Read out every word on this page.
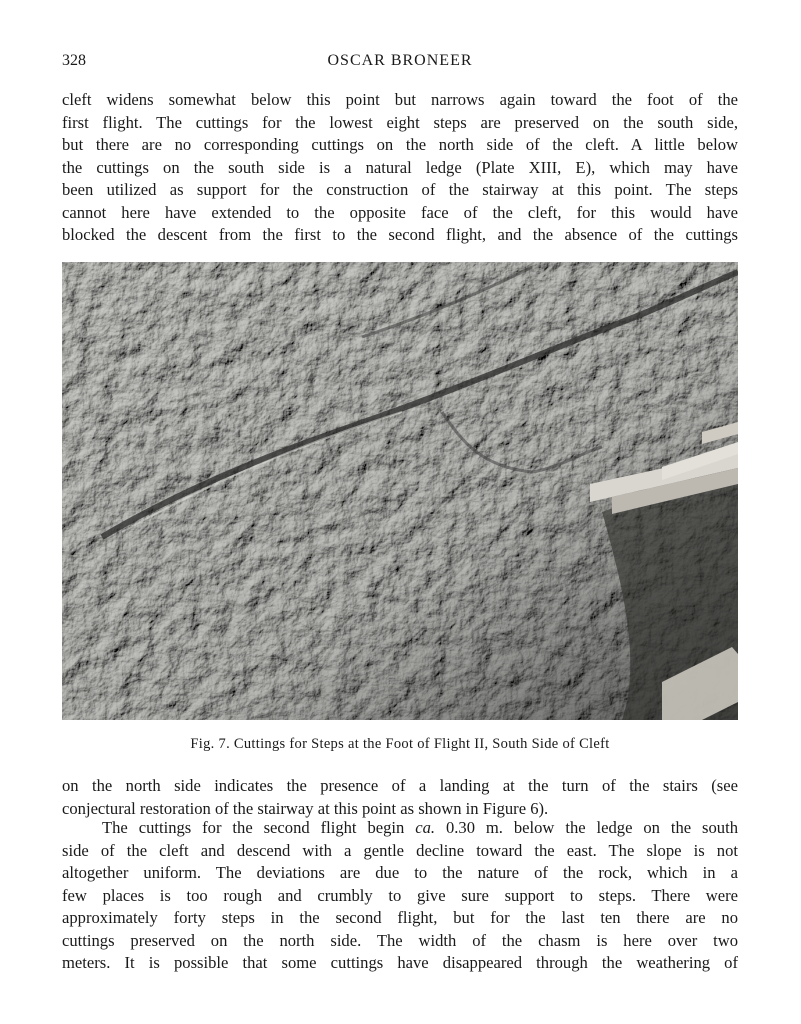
328	OSCAR BRONEER
cleft widens somewhat below this point but narrows again toward the foot of the
first flight. The cuttings for the lowest eight steps are preserved on the south side,
but there are no corresponding cuttings on the north side of the cleft. A little below
the cuttings on the south side is a natural ledge (Plate XIII, E), which may have
been utilized as support for the construction of the stairway at this point. The steps
cannot here have extended to the opposite face of the cleft, for this would have
blocked the descent from the first to the second flight, and the absence of the cuttings
Fig. 7. Cuttings for Steps at the Foot of Flight II, South Side of Cleft
on the north side indicates the presence of a landing at the turn of the stairs (see
conjectural restoration of the stairway at this point as shown in Figure 6).
The cuttings for the second flight begin ca. 0.30 m. below the ledge on the south
side of the cleft and descend with a gentle decline toward the east. The slope is not
altogether uniform. The deviations are due to the nature of the rock, which in a
few places is too rough and crumbly to give sure support to steps. There were
approximately forty steps in the second flight, but for the last ten there are no
cuttings preserved on the north side. The width of the chasm is here over two
meters. It is possible that some cuttings have disappeared through the weathering of
